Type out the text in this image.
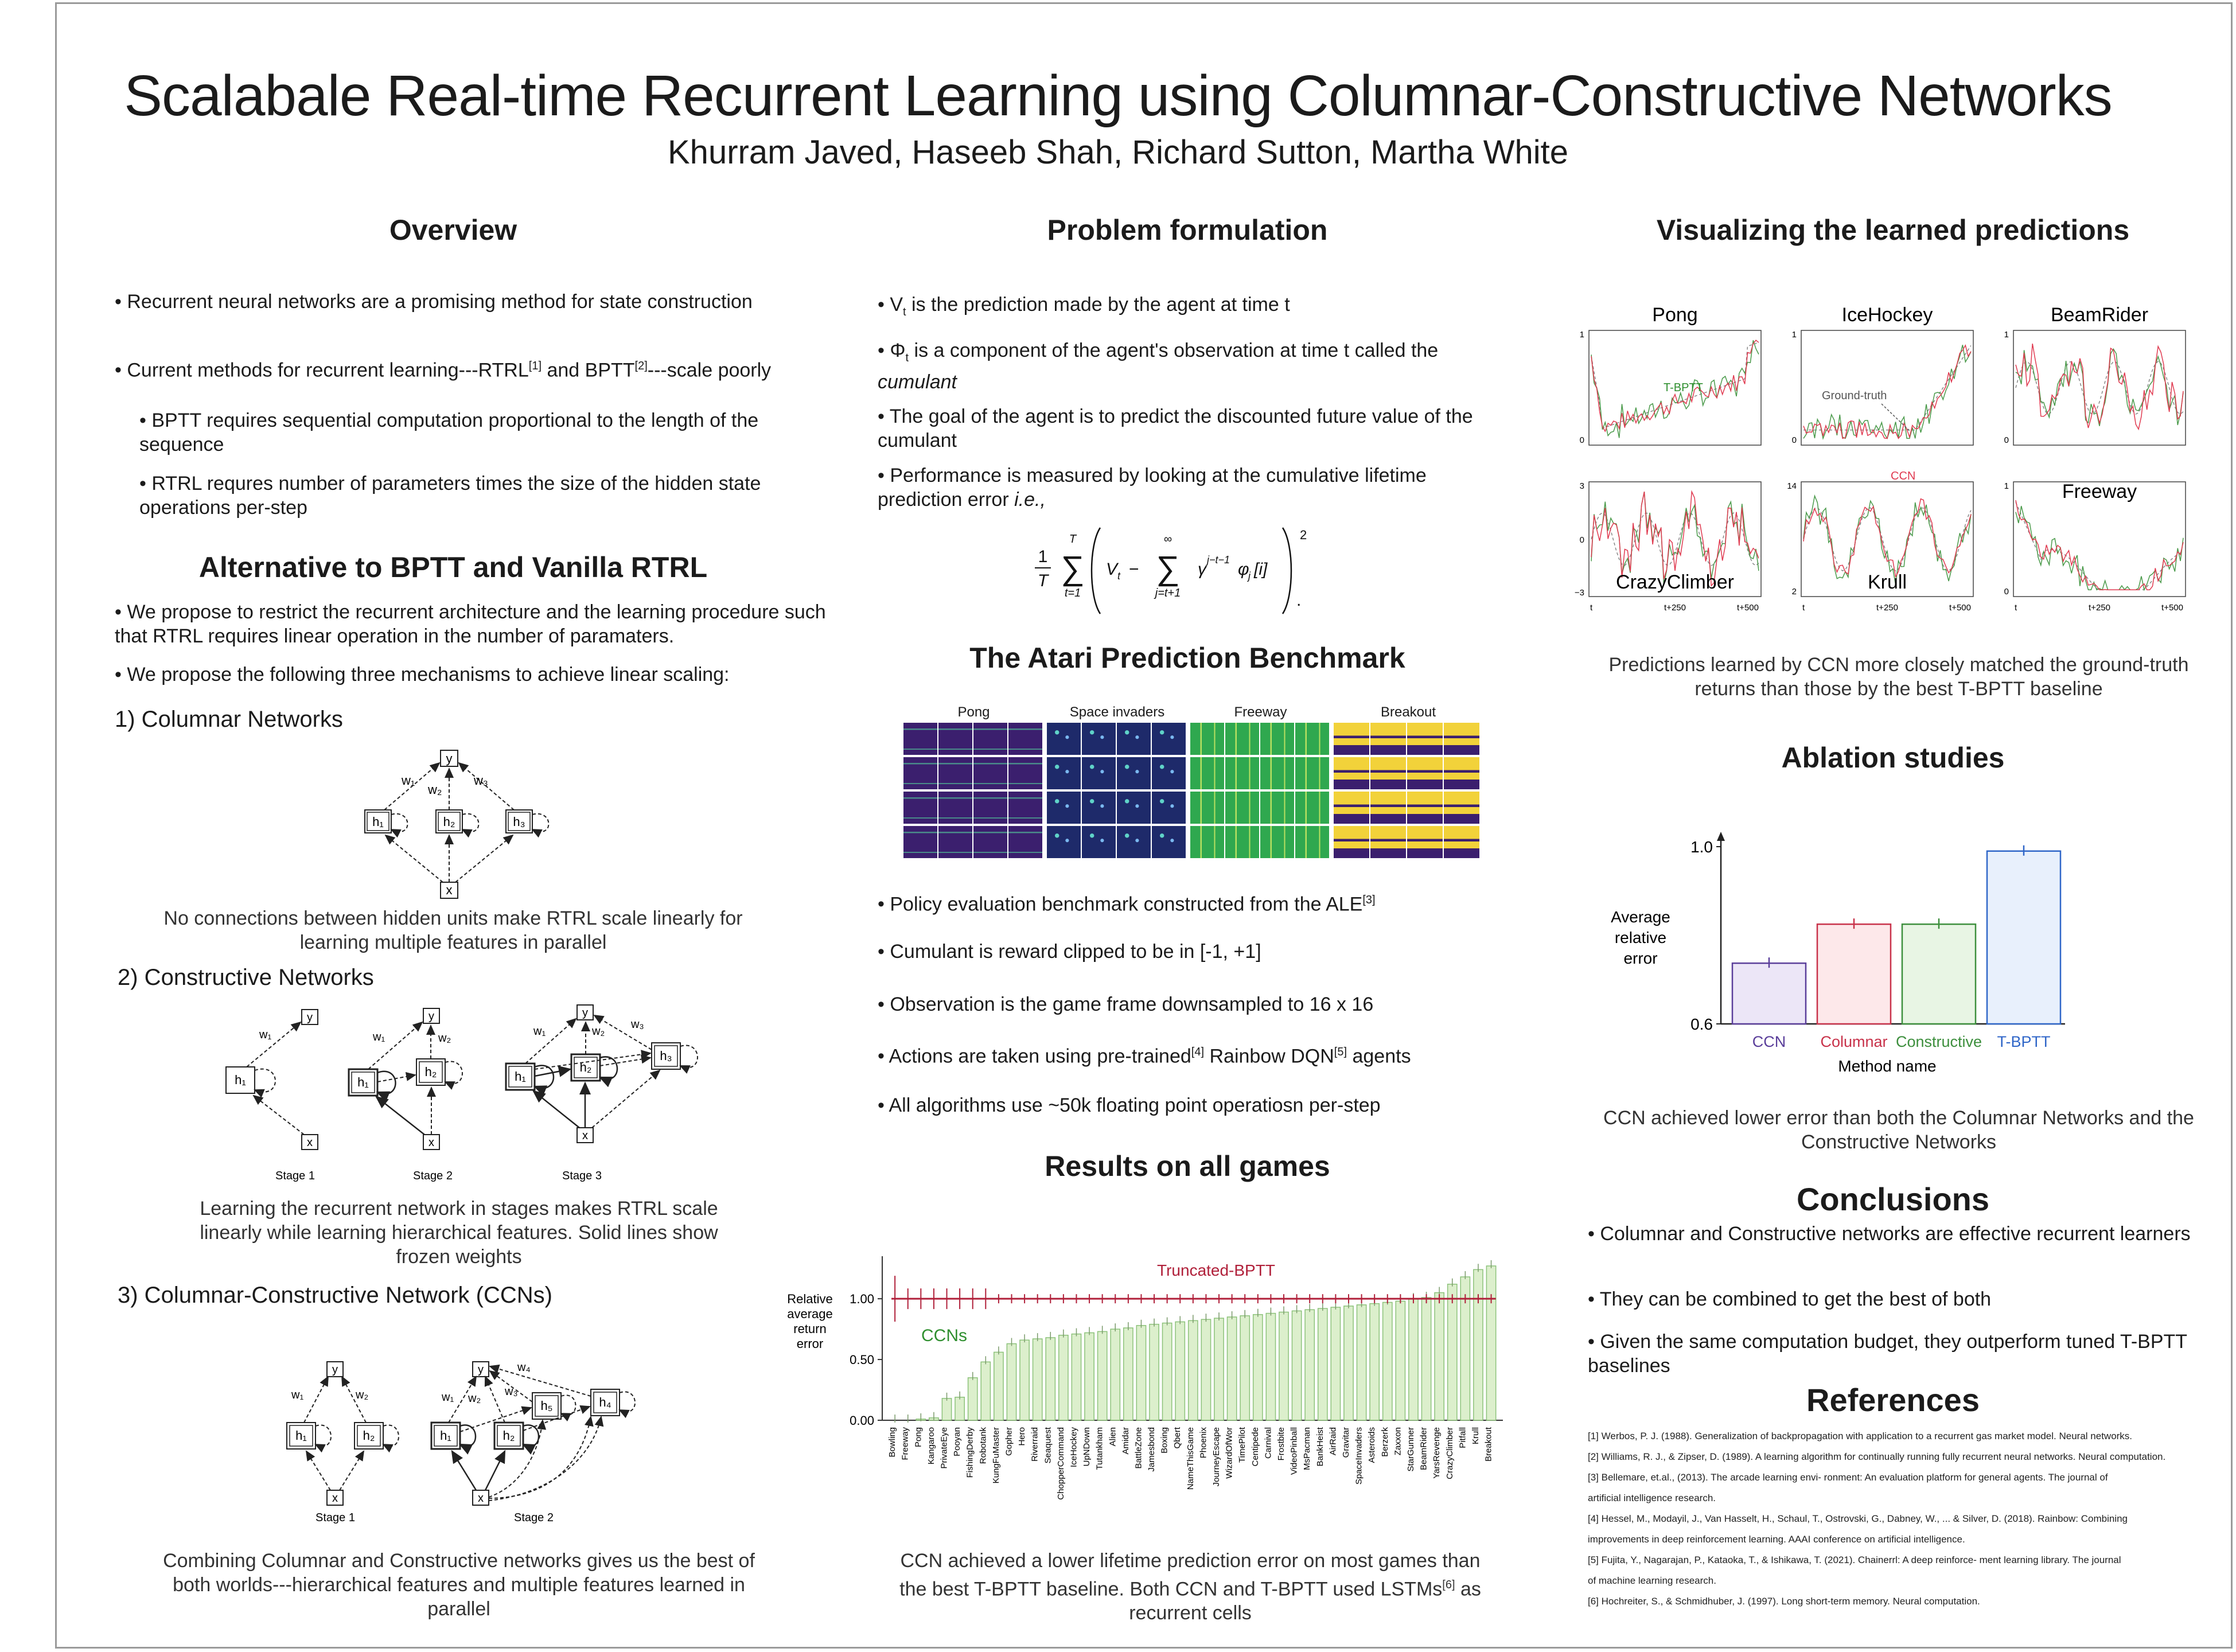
Scalabale Real-time Recurrent Learning using Columnar-Constructive Networks
Khurram Javed, Haseeb Shah, Richard Sutton, Martha White
Overview
• Recurrent neural networks are a promising method for state construction
• Current methods for recurrent learning---RTRL[1] and BPTT[2]---scale poorly
• BPTT requires sequential computation proportional to the length of the sequence
• RTRL requres number of parameters times the size of the hidden state operations per-step
Alternative to BPTT and Vanilla RTRL
• We propose to restrict the recurrent architecture and the learning procedure such that RTRL requires linear operation in the number of paramaters.
• We propose the following three mechanisms to achieve linear scaling:
1) Columnar Networks
y
h₁	h₂	h₃
x
w₁
w₂
w₃
No connections between hidden units make RTRL scale linearly for learning multiple features in parallel
2) Constructive Networks
y
h₁
x
w₁
Stage 1
y
h₁
h₂
x
w₁	w₂
Stage 2
y
h₁
h₂
h₃
x
w₁	w₂
w₃
Stage 3
Learning the recurrent network in stages makes RTRL scale linearly while learning hierarchical features. Solid lines show frozen weights
3) Columnar-Constructive Network (CCNs)
y
h₁	h₂
x
w₁	w₂
Stage 1
y
h₁	h₂
h₅	h₄
x
w₁ w₂
w₃
w₄
Stage 2
Combining Columnar and Constructive networks gives us the best of both worlds---hierarchical features and multiple features learned in parallel
Problem formulation
• $V_t$ is the prediction made by the agent at time t
• $\Phi_t$ is a component of the agent's observation at time t called the cumulant
• The goal of the agent is to predict the discounted future value of the cumulant
• Performance is measured by looking at the cumulative lifetime prediction error i.e.,
1
T
T
∑
t=1
V t −
∞
∑
j=t+1
γ j−t−1 φ
j [i]
2
.
The Atari Prediction Benchmark
Pong	Space invaders	Freeway	Breakout
• Policy evaluation benchmark constructed from the ALE[3]
• Cumulant is reward clipped to be in [-1, +1]
• Observation is the game frame downsampled to 16 x 16
• Actions are taken using pre-trained[4] Rainbow DQN[5] agents
• All algorithms use ~50k floating point operatiosn per-step
Results on all games
Relative average return error
0.00
0.50
1.00
Bowling Freeway Pong Kangaroo PrivateEye Pooyan FishingDerby Robotank KungFuMaster Gopher Hero Riverraid Seaquest ChopperCommand IceHockey UpNDown Tutankham Alien Amidar BattleZone Jamesbond Boxing Qbert NameThisGame Phoenix JourneyEscape WizardOfWor TimePilot Centipede Carnival Frostbite VideoPinball MsPacman BankHeist AirRaid Gravitar SpaceInvaders Asteroids Berzerk Zaxxon StarGunner BeamRider YarsRevenge CrazyClimber Pitfall Krull Breakout
Truncated-BPTT
CCNs
CCN achieved a lower lifetime prediction error on most games than the best T-BPTT baseline. Both CCN and T-BPTT used LSTMs[6] as recurrent cells
Visualizing the learned predictions
1
0
Pong
1
0
IceHockey
1
0
BeamRider
3
0
−3 CrazyClimber
t	t+250	t+500
14
2	Krull
t	t+250	t+500
1
0
Freeway
t	t+250	t+500
T-BPTT
Ground-truth
CCN
Predictions learned by CCN more closely matched the ground-truth returns than those by the best T-BPTT baseline
Ablation studies
Average relative error
1.0
0.6
CCN Columnar Constructive T-BPTT
Method name
CCN achieved lower error than both the Columnar Networks and the Constructive Networks
Conclusions
• Columnar and Constructive networks are effective recurrent learners
• They can be combined to get the best of both
• Given the same computation budget, they outperform tuned T-BPTT baselines
References
[1] Werbos, P. J. (1988). Generalization of backpropagation with application to a recurrent gas market model. Neural networks.
[2] Williams, R. J., & Zipser, D. (1989). A learning algorithm for continually running fully recurrent neural networks. Neural computation.
[3] Bellemare, et.al., (2013). The arcade learning envi- ronment: An evaluation platform for general agents. The journal of
artificial intelligence research.
[4] Hessel, M., Modayil, J., Van Hasselt, H., Schaul, T., Ostrovski, G., Dabney, W., ... & Silver, D. (2018). Rainbow: Combining
improvements in deep reinforcement learning. AAAI conference on artificial intelligence.
[5] Fujita, Y., Nagarajan, P., Kataoka, T., & Ishikawa, T. (2021). Chainerrl: A deep reinforce- ment learning library. The journal
of machine learning research.
[6] Hochreiter, S., & Schmidhuber, J. (1997). Long short-term memory. Neural computation.
